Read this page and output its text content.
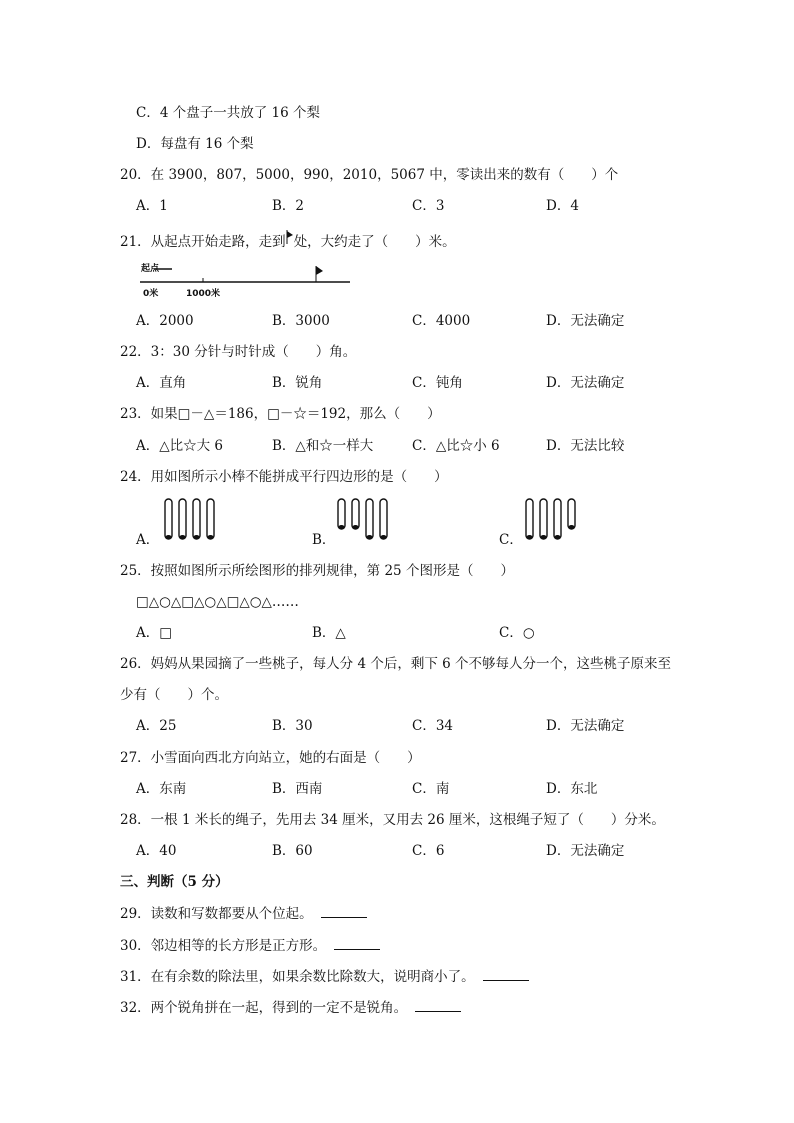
C．4 个盘子一共放了 16 个梨
D．每盘有 16 个梨
20．在 3900，807，5000，990，2010，5067 中，零读出来的数有（　　）个
A．1	B．2	C．3	D．4
21．从起点开始走路，走到 处，大约走了（　　）米。
起点
0米	1000米
A．2000	B．3000	C．4000	D．无法确定
22．3：30 分针与时针成（　　）角。
A．直角	B．锐角	C．钝角	D．无法确定
23．如果□－△＝186，□－☆＝192，那么（　　）
A．△比☆大 6	B．△和☆一样大	C．△比☆小 6	D．无法比较
24．用如图所示小棒不能拼成平行四边形的是（　　）
A．	B．	C．
25．按照如图所示所绘图形的排列规律，第 25 个图形是（　　）
□△○△□△○△□△○△……
A．□	B．△	C．○
26．妈妈从果园摘了一些桃子，每人分 4 个后，剩下 6 个不够每人分一个，这些桃子原来至
少有（　　）个。
A．25	B．30	C．34	D．无法确定
27．小雪面向西北方向站立，她的右面是（　　）
A．东南	B．西南	C．南	D．东北
28．一根 1 米长的绳子，先用去 34 厘米，又用去 26 厘米，这根绳子短了（　　）分米。
A．40	B．60	C．6	D．无法确定
三、判断（5 分）
29．读数和写数都要从个位起。
30．邻边相等的长方形是正方形。
31．在有余数的除法里，如果余数比除数大，说明商小了。
32．两个锐角拼在一起，得到的一定不是锐角。
